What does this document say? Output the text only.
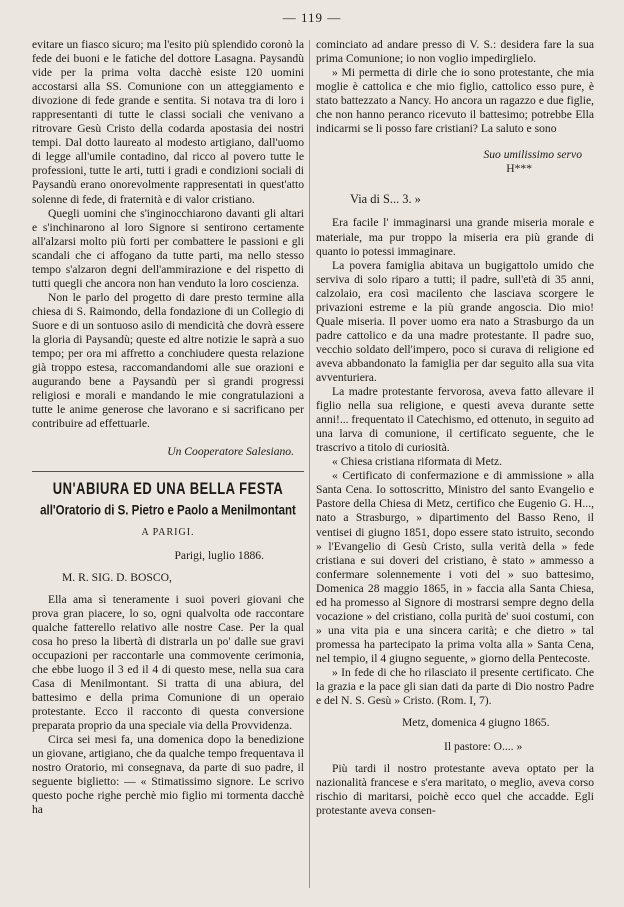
— 119 —

evitare un fiasco sicuro; ma l'esito più splendido coronò la fede dei buoni e le fatiche del dottore Lasagna. Paysandù vide per la prima volta dacchè esiste 120 uomini accostarsi alla SS. Comunione con un atteggiamento e divozione di fede grande e sentita. Si notava tra di loro i rappresentanti di tutte le classi sociali che venivano a ritrovare Gesù Cristo della codarda apostasia dei nostri tempi. Dal dotto laureato al modesto artigiano, dall'uomo di legge all'umile contadino, dal ricco al povero tutte le professioni, tutte le arti, tutti i gradi e condizioni sociali di Paysandù erano onorevolmente rappresentati in quest'atto solenne di fede, di fraternità e di valor cristiano.

Quegli uomini che s'inginocchiarono davanti gli altari e s'inchinarono al loro Signore si sentirono certamente all'alzarsi molto più forti per combattere le passioni e gli scandali che ci affogano da tutte parti, ma nello stesso tempo s'alzaron degni dell'ammirazione e del rispetto di tutti quegli che ancora non han venduto la loro coscienza.

Non le parlo del progetto di dare presto termine alla chiesa di S. Raimondo, della fondazione di un Collegio di Suore e di un sontuoso asilo di mendicità che dovrà essere la gloria di Paysandù; queste ed altre notizie le saprà a suo tempo; per ora mi affretto a conchiudere questa relazione già troppo estesa, raccomandandomi alle sue orazioni e augurando bene a Paysandù per sì grandi progressi religiosi e morali e mandando le mie congratulazioni a tutte le anime generose che lavorano e si sacrificano per contribuire ad effettuarle.

Un Cooperatore Salesiano.
UN'ABIURA ED UNA BELLA FESTA
all'Oratorio di S. Pietro e Paolo a Menilmontant
A PARIGI.
Parigi, luglio 1886.
M. R. SIG. D. BOSCO,

Ella ama sì teneramente i suoi poveri giovani che prova gran piacere, lo so, ogni qualvolta ode raccontare qualche fatterello relativo alle nostre Case. Per la qual cosa ho preso la libertà di distrarla un po' dalle sue gravi occupazioni per raccontarle una commovente cerimonia, che ebbe luogo il 3 ed il 4 di questo mese, nella sua cara Casa di Menilmontant. Si tratta di una abiura, del battesimo e della prima Comunione di un operaio protestante. Ecco il racconto di questa conversione preparata proprio da una speciale via della Provvidenza.

Circa sei mesi fa, una domenica dopo la benedizione un giovane, artigiano, che da qualche tempo frequentava il nostro Oratorio, mi consegnava, da parte di suo padre, il seguente biglietto: — « Stimatissimo signore. Le scrivo questo poche righe perchè mio figlio mi tormenta dacchè ha

cominciato ad andare presso di V. S.: desidera fare la sua prima Comunione; io non voglio impedirglielo.

» Mi permetta di dirle che io sono protestante, che mia moglie è cattolica e che mio figlio, cattolico esso pure, è stato battezzato a Nancy. Ho ancora un ragazzo e due figlie, che non hanno peranco ricevuto il battesimo; potrebbe Ella indicarmi se li posso fare cristiani? La saluto e sono

Suo umilissimo servo
H***
Via di S... 3. »

Era facile l' immaginarsi una grande miseria morale e materiale, ma pur troppo la miseria era più grande di quanto io potessi immaginare.

La povera famiglia abitava un bugigattolo umido che serviva di solo riparo a tutti; il padre, sull'età di 35 anni, calzolaio, era così macilento che lasciava scorgere le privazioni estreme e la più grande angoscia. Dio mio! Quale miseria. Il pover uomo era nato a Strasburgo da un padre cattolico e da una madre protestante. Il padre suo, vecchio soldato dell'impero, poco si curava di religione ed aveva abbandonato la famiglia per dar seguito alla sua vita avventuriera.

La madre protestante fervorosa, aveva fatto allevare il figlio nella sua religione, e questi aveva durante sette anni!... frequentato il Catechismo, ed ottenuto, in seguito ad una larva di comunione, il certificato seguente, che le trascrivo a titolo di curiosità.

« Chiesa cristiana riformata di Metz.

« Certificato di confermazione e di ammissione » alla Santa Cena. Io sottoscritto, Ministro del santo Evangelio e Pastore della Chiesa di Metz, certifico che Eugenio G. H..., nato a Strasburgo, » dipartimento del Basso Reno, il ventisei di giugno 1851, dopo essere stato istruito, secondo » l'Evangelio di Gesù Cristo, sulla verità della » fede cristiana e sui doveri del cristiano, è stato » ammesso a confermare solennemente i voti del » suo battesimo, Domenica 28 maggio 1865, in » faccia alla Santa Chiesa, ed ha promesso al Signore di mostrarsi sempre degno della vocazione » del cristiano, colla purità de' suoi costumi, con » una vita pia e una sincera carità; e che dietro » tal promessa ha partecipato la prima volta alla » Santa Cena, nel tempio, il 4 giugno seguente, » giorno della Pentecoste.

» In fede di che ho rilasciato il presente certificato. Che la grazia e la pace gli sian dati da parte di Dio nostro Padre e del N. S. Gesù » Cristo. (Rom. I, 7).

Metz, domenica 4 giugno 1865.
Il pastore: O.... »

Più tardi il nostro protestante aveva optato per la nazionalità francese e s'era maritato, o meglio, aveva corso rischio di maritarsi, poichè ecco quel che accadde. Egli protestante aveva consen-
